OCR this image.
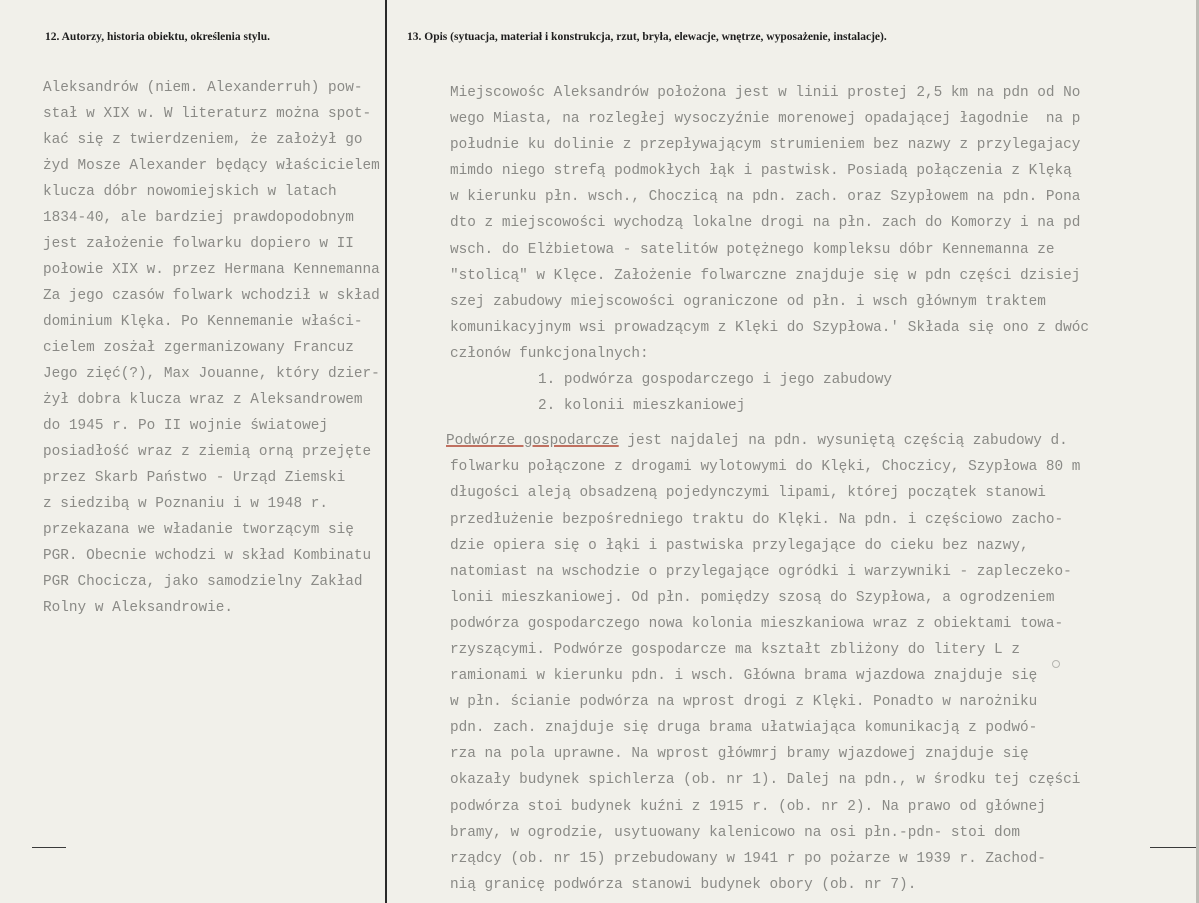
12. Autorzy, historia obiektu, określenia stylu.	13. Opis (sytuacja, materiał i konstrukcja, rzut, bryła, elewacje, wnętrze, wyposażenie, instalacje).
Aleksandrów (niem. Alexanderruh) pow-
stał w XIX w. W literaturz można spot-
kać się z twierdzeniem, że założył go
żyd Mosze Alexander będący właścicielem
klucza dóbr nowomiejskich w latach
1834-40, ale bardziej prawdopodobnym
jest założenie folwarku dopiero w II
połowie XIX w. przez Hermana Kennemanna
Za jego czasów folwark wchodził w skład
dominium Klęka. Po Kennemanie właści-
cielem zosżał zgermanizowany Francuz
Jego zięć(?), Max Jouanne, który dzier-
żył dobra klucza wraz z Aleksandrowem
do 1945 r. Po II wojnie światowej
posiadłość wraz z ziemią orną przejęte
przez Skarb Państwo - Urząd Ziemski
z siedzibą w Poznaniu i w 1948 r.
przekazana we władanie tworzącym się
PGR. Obecnie wchodzi w skład Kombinatu
PGR Chocicza, jako samodzielny Zakład
Rolny w Aleksandrowie.
Miejscowośc Aleksandrów położona jest w linii prostej 2,5 km na pdn od No
wego Miasta, na rozległej wysoczyźnie morenowej opadającej łagodnie  na p
południe ku dolinie z przepływającym strumieniem bez nazwy z przylegajacy
mimdo niego strefą podmokłych łąk i pastwisk. Posiadą połączenia z Klęką
w kierunku płn. wsch., Choczicą na pdn. zach. oraz Szypłowem na pdn. Pona
dto z miejscowości wychodzą lokalne drogi na płn. zach do Komorzy i na pd
wsch. do Elżbietowa - satelitów potężnego kompleksu dóbr Kennemanna ze
"stolicą" w Klęce. Założenie folwarczne znajduje się w pdn części dzisiej
szej zabudowy miejscowości ograniczone od płn. i wsch głównym traktem
komunikacyjnym wsi prowadzącym z Klęki do Szypłowa.' Składa się ono z dwóc
członów funkcjonalnych:
1. podwórza gospodarczego i jego zabudowy
2. kolonii mieszkaniowej
Podwórze gospodarcze jest najdalej na pdn. wysuniętą częścią zabudowy d.
folwarku połączone z drogami wylotowymi do Klęki, Choczicy, Szypłowa 80 m
długości aleją obsadzeną pojedynczymi lipami, której początek stanowi
przedłużenie bezpośredniego traktu do Klęki. Na pdn. i częściowo zacho-
dzie opiera się o łąki i pastwiska przylegające do cieku bez nazwy,
natomiast na wschodzie o przylegające ogródki i warzywniki - zapleczeko-
lonii mieszkaniowej. Od płn. pomiędzy szosą do Szypłowa, a ogrodzeniem
podwórza gospodarczego nowa kolonia mieszkaniowa wraz z obiektami towa-
rzyszącymi. Podwórze gospodarcze ma kształt zbliżony do litery L z
ramionami w kierunku pdn. i wsch. Główna brama wjazdowa znajduje się
w płn. ścianie podwórza na wprost drogi z Klęki. Ponadto w narożniku
pdn. zach. znajduje się druga brama ułatwiająca komunikacją z podwó-
rza na pola uprawne. Na wprost główmrj bramy wjazdowej znajduje się
okazały budynek spichlerza (ob. nr 1). Dalej na pdn., w środku tej części
podwórza stoi budynek kuźni z 1915 r. (ob. nr 2). Na prawo od głównej
bramy, w ogrodzie, usytuowany kalenicowo na osi płn.-pdn- stoi dom
rządcy (ob. nr 15) przebudowany w 1941 r po pożarze w 1939 r. Zachod-
nią granicę podwórza stanowi budynek obory (ob. nr 7).
